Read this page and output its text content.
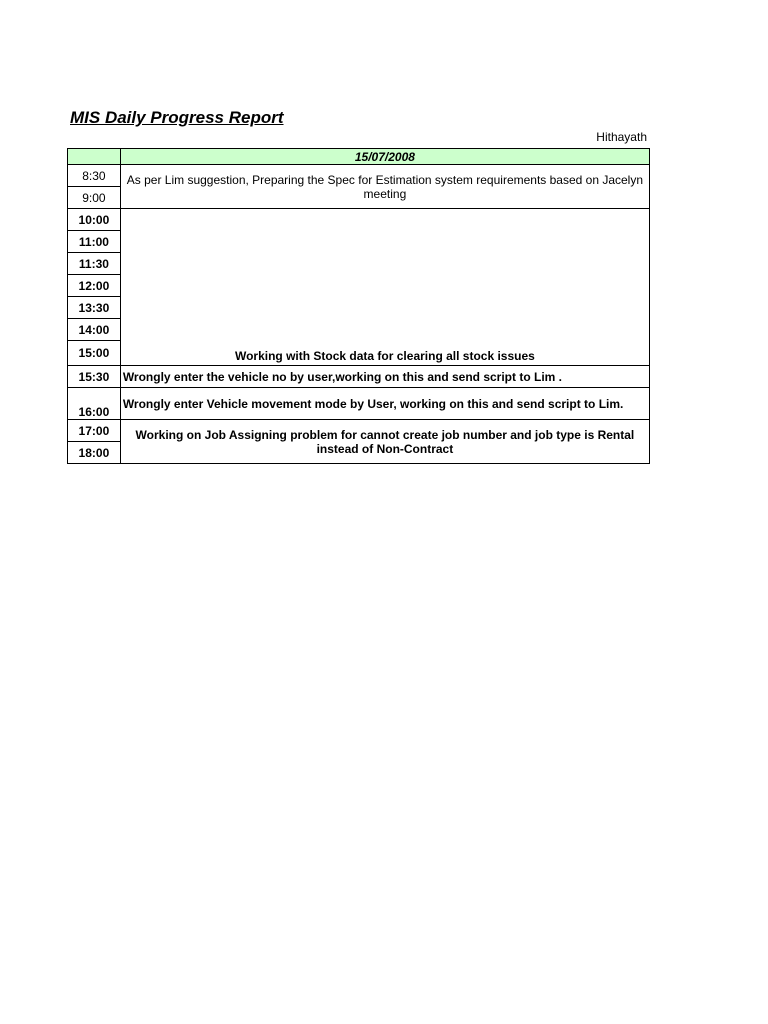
MIS Daily Progress Report
Hithayath
	15/07/2008
8:30	As per Lim suggestion, Preparing the Spec for Estimation system requirements based on Jacelyn meeting
9:00	
10:00	Working with Stock data for clearing all stock issues
11:00	
11:30	
12:00	
13:30	
14:00	
15:00	
15:30	Wrongly enter the vehicle no by user,working on this and send script to Lim .
16:00	Wrongly enter Vehicle movement mode by User, working on this and send script to Lim.
17:00	Working on Job Assigning problem for cannot create job number and job type is Rental instead of Non-Contract
18:00	
